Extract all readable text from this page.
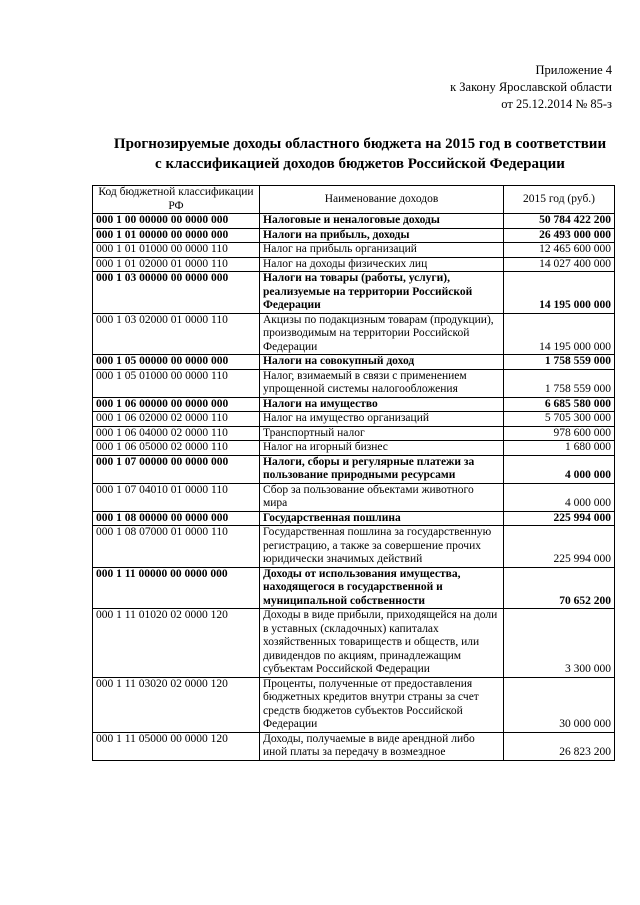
Приложение 4
к Закону Ярославской области
от 25.12.2014 № 85-з
Прогнозируемые доходы областного бюджета на 2015 год в соответствии
с классификацией доходов бюджетов Российской Федерации
Код бюджетной классификации РФ	Наименование доходов	2015 год (руб.)
000 1 00 00000 00 0000 000	Налоговые и неналоговые доходы	50 784 422 200
000 1 01 00000 00 0000 000	Налоги на прибыль, доходы	26 493 000 000
000 1 01 01000 00 0000 110	Налог на прибыль организаций	12 465 600 000
000 1 01 02000 01 0000 110	Налог на доходы физических лиц	14 027 400 000
000 1 03 00000 00 0000 000	Налоги на товары (работы, услуги), реализуемые на территории Российской Федерации	14 195 000 000
000 1 03 02000 01 0000 110	Акцизы по подакцизным товарам (продукции), производимым на территории Российской Федерации	14 195 000 000
000 1 05 00000 00 0000 000	Налоги на совокупный доход	1 758 559 000
000 1 05 01000 00 0000 110	Налог, взимаемый в связи с применением упрощенной системы налогообложения	1 758 559 000
000 1 06 00000 00 0000 000	Налоги на имущество	6 685 580 000
000 1 06 02000 02 0000 110	Налог на имущество организаций	5 705 300 000
000 1 06 04000 02 0000 110	Транспортный налог	978 600 000
000 1 06 05000 02 0000 110	Налог на игорный бизнес	1 680 000
000 1 07 00000 00 0000 000	Налоги, сборы и регулярные платежи за пользование природными ресурсами	4 000 000
000 1 07 04010 01 0000 110	Сбор за пользование объектами животного мира	4 000 000
000 1 08 00000 00 0000 000	Государственная пошлина	225 994 000
000 1 08 07000 01 0000 110	Государственная пошлина за государственную регистрацию, а также за совершение прочих юридически значимых действий	225 994 000
000 1 11 00000 00 0000 000	Доходы от использования имущества, находящегося в государственной и муниципальной собственности	70 652 200
000 1 11 01020 02 0000 120	Доходы в виде прибыли, приходящейся на доли в уставных (складочных) капиталах хозяйственных товариществ и обществ, или дивидендов по акциям, принадлежащим субъектам Российской Федерации	3 300 000
000 1 11 03020 02 0000 120	Проценты, полученные от предоставления бюджетных кредитов внутри страны за счет средств бюджетов субъектов Российской Федерации	30 000 000
000 1 11 05000 00 0000 120	Доходы, получаемые в виде арендной либо иной платы за передачу в возмездное	26 823 200
